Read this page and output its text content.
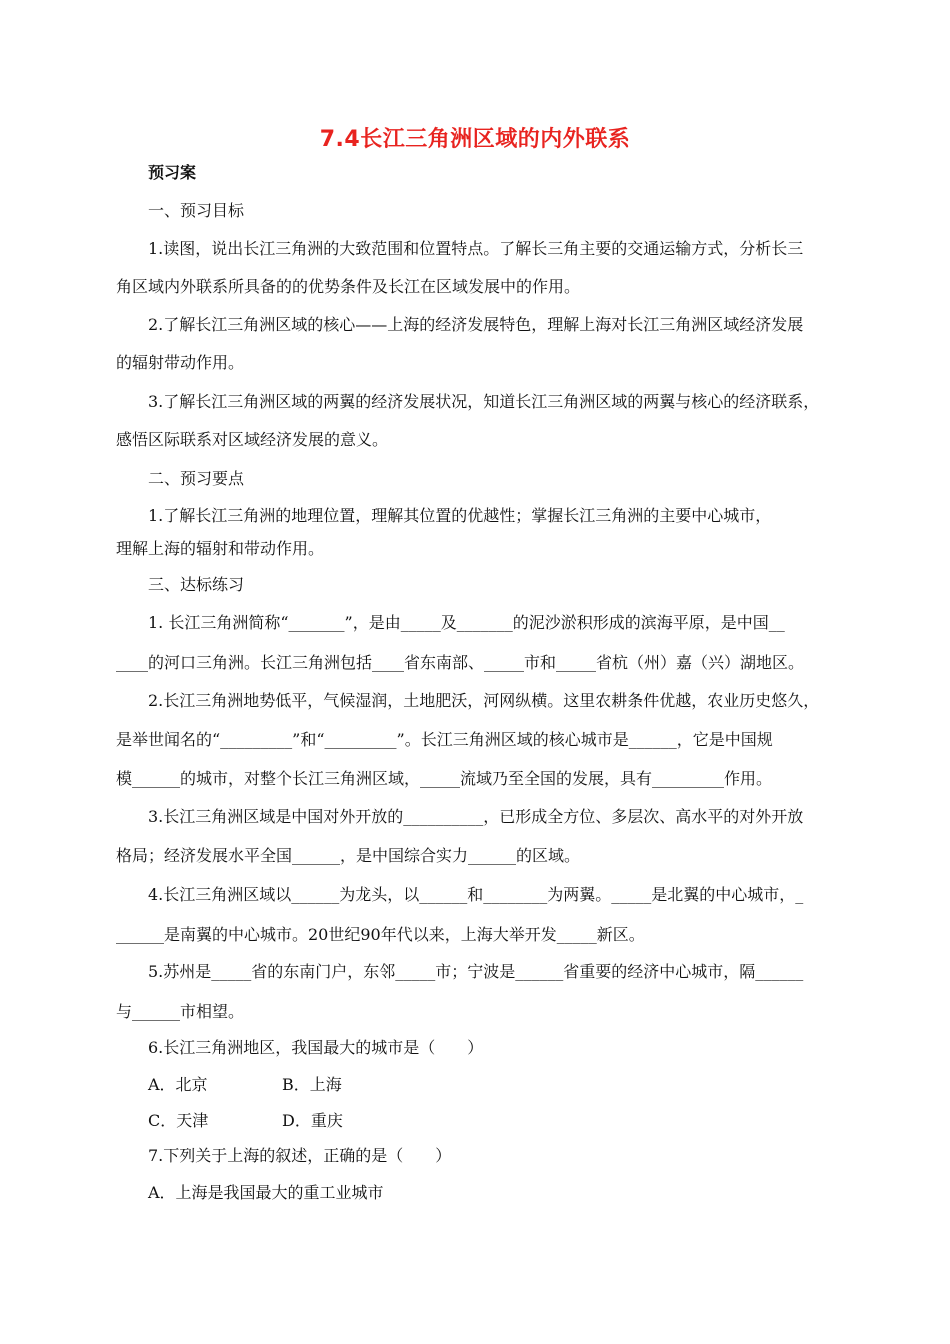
7.4长江三角洲区域的内外联系
预习案
一、预习目标
1.读图，说出长江三角洲的大致范围和位置特点。了解长三角主要的交通运输方式，分析长三
角区域内外联系所具备的的优势条件及长江在区域发展中的作用。
2.了解长江三角洲区域的核心——上海的经济发展特色，理解上海对长江三角洲区域经济发展
的辐射带动作用。
3.了解长江三角洲区域的两翼的经济发展状况，知道长江三角洲区域的两翼与核心的经济联系，
感悟区际联系对区域经济发展的意义。
二、预习要点
1.了解长江三角洲的地理位置，理解其位置的优越性；掌握长江三角洲的主要中心城市，
理解上海的辐射和带动作用。
三、达标练习
1. 长江三角洲简称“_______”，是由_____及_______的泥沙淤积形成的滨海平原，是中国__
____的河口三角洲。长江三角洲包括____省东南部、_____市和_____省杭（州）嘉（兴）湖地区。
2.长江三角洲地势低平，气候湿润，土地肥沃，河网纵横。这里农耕条件优越，农业历史悠久，
是举世闻名的“_________”和“_________”。长江三角洲区域的核心城市是______，它是中国规
模______的城市，对整个长江三角洲区域，_____流域乃至全国的发展，具有_________作用。
3.长江三角洲区域是中国对外开放的__________，已形成全方位、多层次、高水平的对外开放
格局；经济发展水平全国______，是中国综合实力______的区域。
4.长江三角洲区域以______为龙头，以______和________为两翼。_____是北翼的中心城市，_
______是南翼的中心城市。20世纪90年代以来，上海大举开发_____新区。
5.苏州是_____省的东南门户，东邻_____市；宁波是______省重要的经济中心城市，隔______
与______市相望。
6.长江三角洲地区，我国最大的城市是（　　）
A．北京	B．上海
C．天津	D．重庆
7.下列关于上海的叙述，正确的是（　　）
A．上海是我国最大的重工业城市
